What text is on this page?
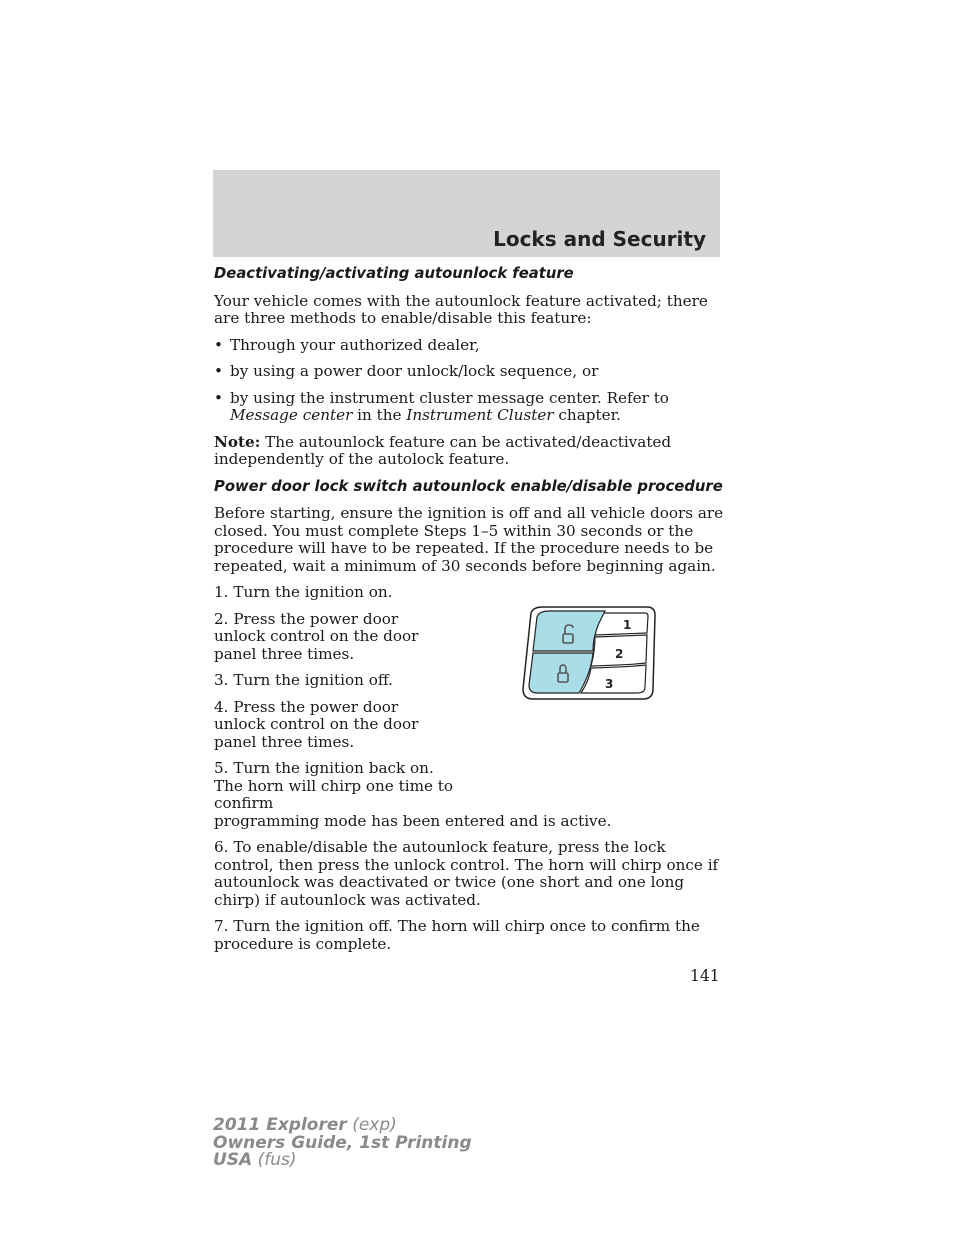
Locks and Security
Deactivating/activating autounlock feature

Your vehicle comes with the autounlock feature activated; there are three methods to enable/disable this feature:

• Through your authorized dealer,
• by using a power door unlock/lock sequence, or
• by using the instrument cluster message center. Refer to Message center in the Instrument Cluster chapter.

Note: The autounlock feature can be activated/deactivated independently of the autolock feature.

Power door lock switch autounlock enable/disable procedure

Before starting, ensure the ignition is off and all vehicle doors are closed. You must complete Steps 1–5 within 30 seconds or the procedure will have to be repeated. If the procedure needs to be repeated, wait a minimum of 30 seconds before beginning again.

1. Turn the ignition on.

2. Press the power door unlock control on the door panel three times.

3. Turn the ignition off.

4. Press the power door unlock control on the door panel three times.

5. Turn the ignition back on. The horn will chirp one time to confirm
programming mode has been entered and is active.

6. To enable/disable the autounlock feature, press the lock control, then press the unlock control. The horn will chirp once if autounlock was deactivated or twice (one short and one long chirp) if autounlock was activated.

7. Turn the ignition off. The horn will chirp once to confirm the procedure is complete.

1
2
3
141
2011 Explorer (exp)
Owners Guide, 1st Printing
USA (fus)
